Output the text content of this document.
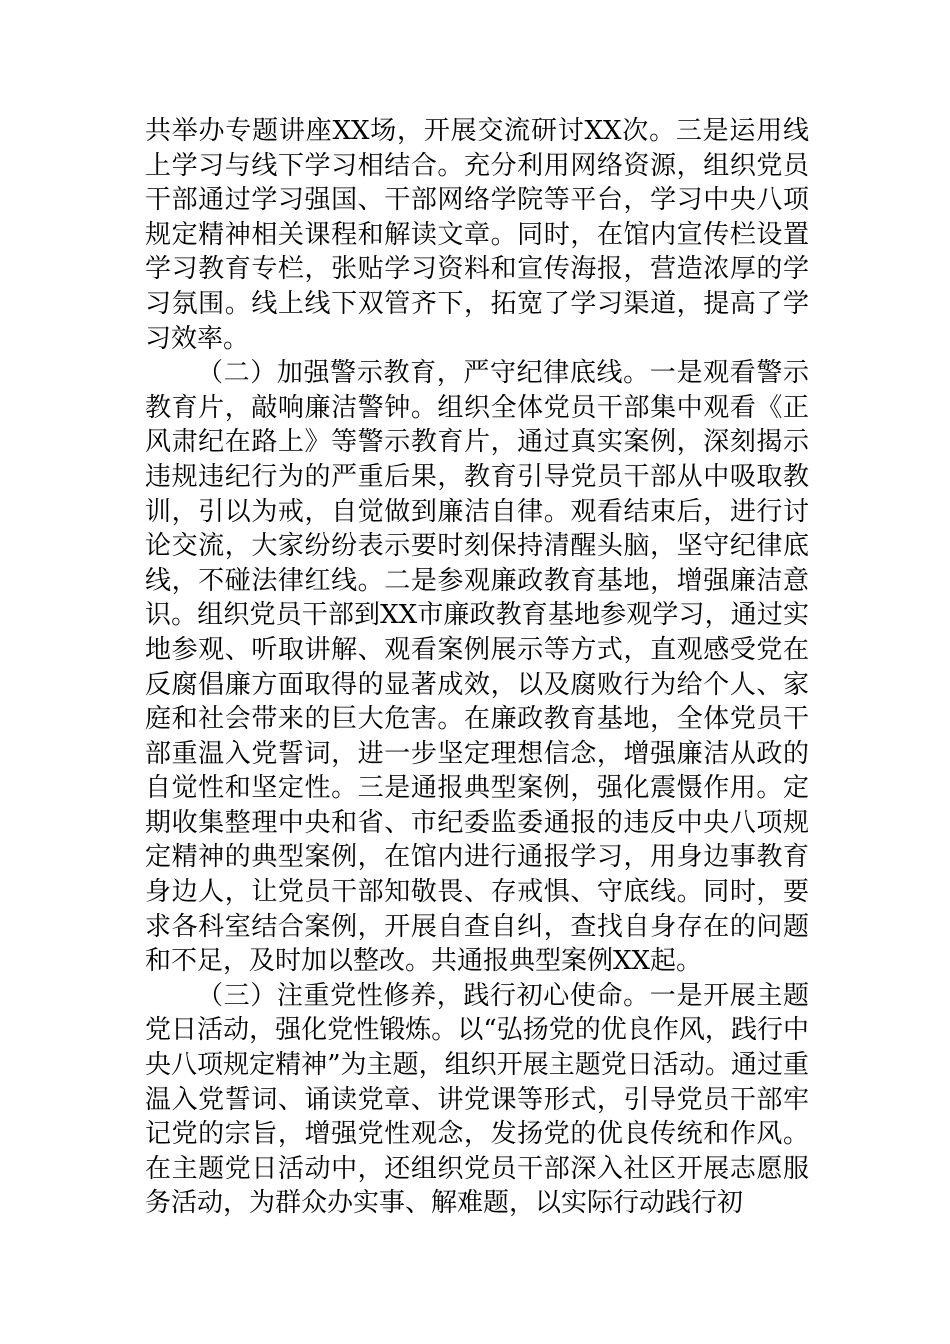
共举办专题讲座XX场，开展交流研讨XX次。三是运用线上学习与线下学习相结合。充分利用网络资源，组织党员干部通过学习强国、干部网络学院等平台，学习中央八项规定精神相关课程和解读文章。同时，在馆内宣传栏设置学习教育专栏，张贴学习资料和宣传海报，营造浓厚的学习氛围。线上线下双管齐下，拓宽了学习渠道，提高了学习效率。

（二）加强警示教育，严守纪律底线。一是观看警示教育片，敲响廉洁警钟。组织全体党员干部集中观看《正风肃纪在路上》等警示教育片，通过真实案例，深刻揭示违规违纪行为的严重后果，教育引导党员干部从中吸取教训，引以为戒，自觉做到廉洁自律。观看结束后，进行讨论交流，大家纷纷表示要时刻保持清醒头脑，坚守纪律底线，不碰法律红线。二是参观廉政教育基地，增强廉洁意识。组织党员干部到XX市廉政教育基地参观学习，通过实地参观、听取讲解、观看案例展示等方式，直观感受党在反腐倡廉方面取得的显著成效，以及腐败行为给个人、家庭和社会带来的巨大危害。在廉政教育基地，全体党员干部重温入党誓词，进一步坚定理想信念，增强廉洁从政的自觉性和坚定性。三是通报典型案例，强化震慑作用。定期收集整理中央和省、市纪委监委通报的违反中央八项规定精神的典型案例，在馆内进行通报学习，用身边事教育身边人，让党员干部知敬畏、存戒惧、守底线。同时，要求各科室结合案例，开展自查自纠，查找自身存在的问题和不足，及时加以整改。共通报典型案例XX起。

（三）注重党性修养，践行初心使命。一是开展主题党日活动，强化党性锻炼。以“弘扬党的优良作风，践行中央八项规定精神”为主题，组织开展主题党日活动。通过重温入党誓词、诵读党章、讲党课等形式，引导党员干部牢记党的宗旨，增强党性观念，发扬党的优良传统和作风。在主题党日活动中，还组织党员干部深入社区开展志愿服务活动，为群众办实事、解难题，以实际行动践行初
